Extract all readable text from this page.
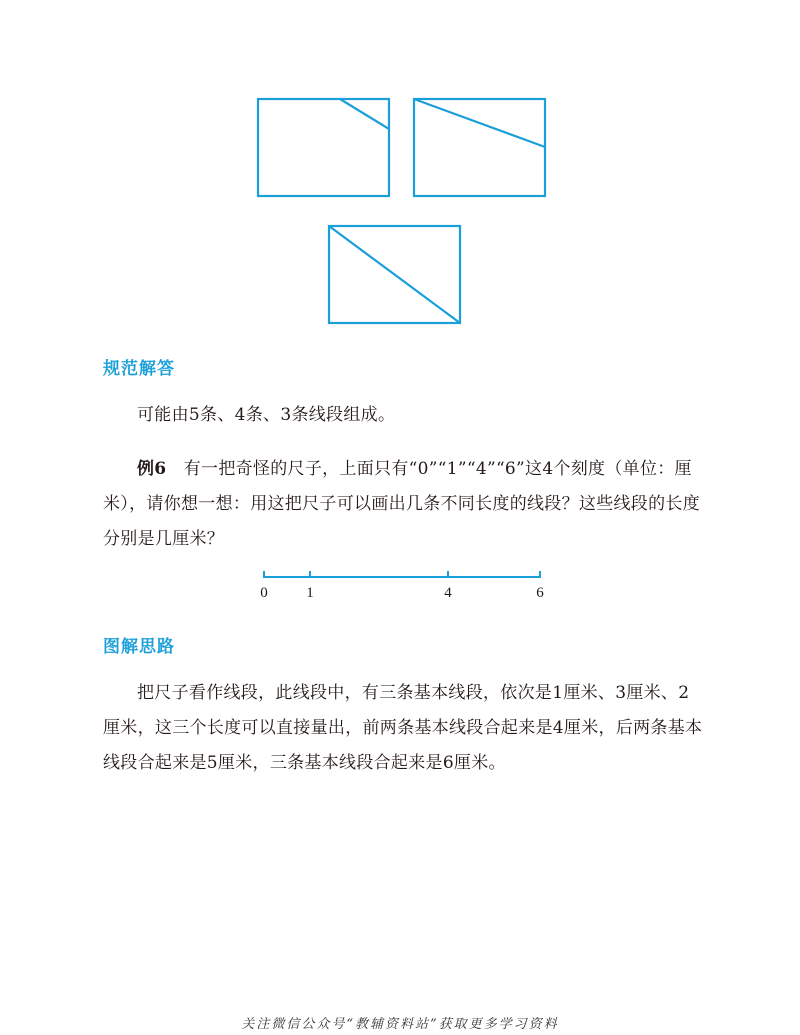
规范解答

可能由5条、4条、3条线段组成。

例6　 有一把奇怪的尺子，上面只有“0”“1”“4”“6”这4个刻度（单位：厘米），请你想一想：用这把尺子可以画出几条不同长度的线段？这些线段的长度分别是几厘米？

0	1	4	6
图解思路

把尺子看作线段，此线段中，有三条基本线段，依次是1厘米、3厘米、2厘米，这三个长度可以直接量出，前两条基本线段合起来是4厘米，后两条基本线段合起来是5厘米，三条基本线段合起来是6厘米。

关注微信公众号“教辅资料站”获取更多学习资料
